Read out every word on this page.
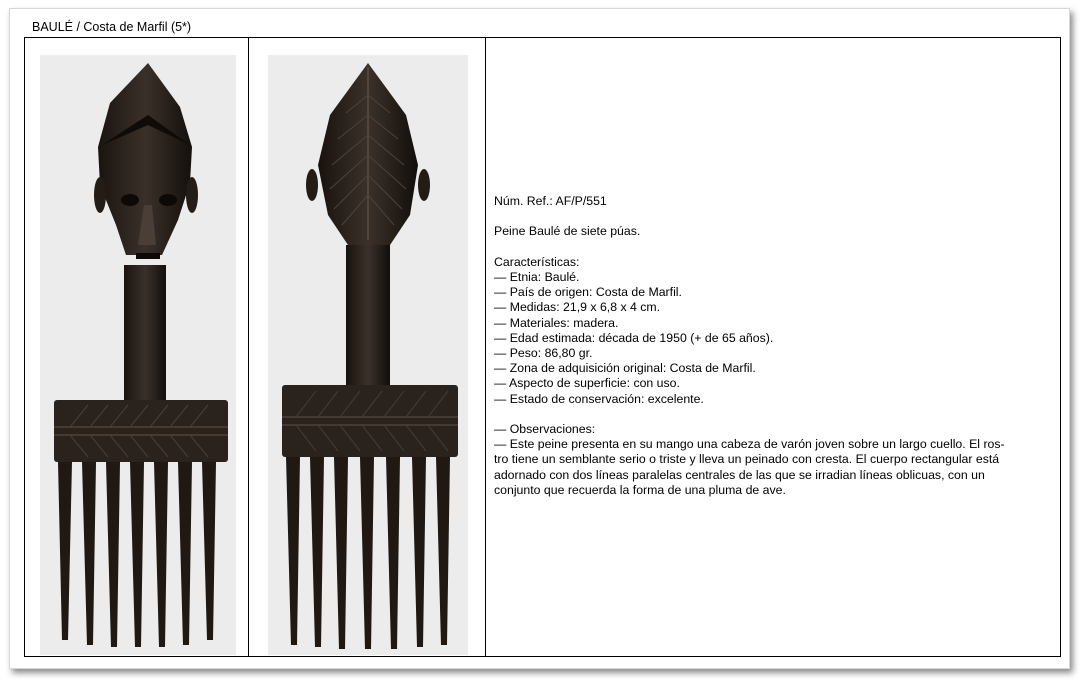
BAULÉ / Costa de Marfil (5*)

Núm. Ref.: AF/P/551

Peine Baulé de siete púas.

Características:

— Etnia: Baulé.

— País de origen: Costa de Marfil.

— Medidas: 21,9 x 6,8 x 4 cm.

— Materiales: madera.

— Edad estimada: década de 1950 (+ de 65 años).

— Peso: 86,80 gr.

— Zona de adquisición original: Costa de Marfil.

— Aspecto de superficie: con uso.

— Estado de conservación: excelente.

— Observaciones:

— Este peine presenta en su mango una cabeza de varón joven sobre un largo cuello. El ros-

tro tiene un semblante serio o triste y lleva un peinado con cresta. El cuerpo rectangular está

adornado con dos líneas paralelas centrales de las que se irradian líneas oblicuas, con un

conjunto que recuerda la forma de una pluma de ave.
